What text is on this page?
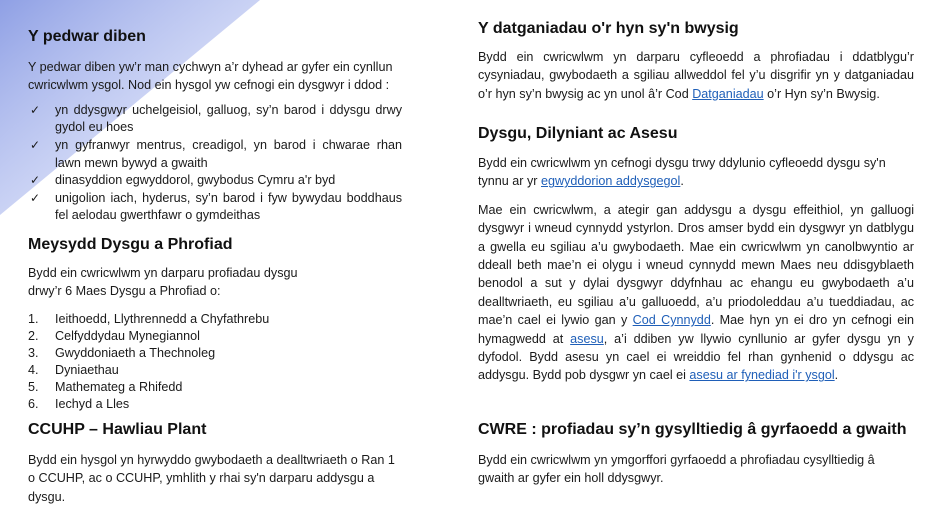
Y pedwar diben

Y pedwar diben yw’r man cychwyn a’r dyhead ar gyfer ein cynllun cwricwlwm ysgol. Nod ein hysgol yw cefnogi ein dysgwyr i ddod :

✓ yn ddysgwyr uchelgeisiol, galluog, sy’n barod i ddysgu drwy gydol eu hoes
✓ yn gyfranwyr mentrus, creadigol, yn barod i chwarae rhan lawn mewn bywyd a gwaith
✓ dinasyddion egwyddorol, gwybodus Cymru a'r byd
✓ unigolion iach, hyderus, sy’n barod i fyw bywydau boddhaus fel aelodau gwerthfawr o gymdeithas
Meysydd Dysgu a Phrofiad

Bydd ein cwricwlwm yn darparu profiadau dysgu drwy’r 6 Maes Dysgu a Phrofiad o:

1. Ieithoedd, Llythrennedd a Chyfathrebu
2. Celfyddydau Mynegiannol
3. Gwyddoniaeth a Thechnoleg
4. Dyniaethau
5. Mathemateg a Rhifedd
6. Iechyd a Lles
CCUHP – Hawliau Plant

Bydd ein hysgol yn hyrwyddo gwybodaeth a dealltwriaeth o Ran 1 o CCUHP, ac o CCUHP, ymhlith y rhai sy'n darparu addysgu a dysgu.

Y datganiadau o'r hyn sy'n bwysig

Bydd ein cwricwlwm yn darparu cyfleoedd a phrofiadau i ddatblygu’r cysyniadau, gwybodaeth a sgiliau allweddol fel y’u disgrifir yn y datganiadau o’r hyn sy’n bwysig ac yn unol â’r Cod Datganiadau o’r Hyn sy’n Bwysig.

Dysgu, Dilyniant ac Asesu

Bydd ein cwricwlwm yn cefnogi dysgu trwy ddylunio cyfleoedd dysgu sy'n tynnu ar yr egwyddorion addysgegol.

Mae ein cwricwlwm, a ategir gan addysgu a dysgu effeithiol, yn galluogi dysgwyr i wneud cynnydd ystyrlon. Dros amser bydd ein dysgwyr yn datblygu a gwella eu sgiliau a’u gwybodaeth. Mae ein cwricwlwm yn canolbwyntio ar ddeall beth mae’n ei olygu i wneud cynnydd mewn Maes neu ddisgyblaeth benodol a sut y dylai dysgwyr ddyfnhau ac ehangu eu gwybodaeth a’u dealltwriaeth, eu sgiliau a’u galluoedd, a’u priodoleddau a’u tueddiadau, ac mae’n cael ei lywio gan y Cod Cynnydd. Mae hyn yn ei dro yn cefnogi ein hymagwedd at asesu, a’i ddiben yw llywio cynllunio ar gyfer dysgu yn y dyfodol. Bydd asesu yn cael ei wreiddio fel rhan gynhenid o ddysgu ac addysgu. Bydd pob dysgwr yn cael ei asesu ar fynediad i'r ysgol.

CWRE : profiadau sy’n gysylltiedig â gyrfaoedd a gwaith

Bydd ein cwricwlwm yn ymgorffori gyrfaoedd a phrofiadau cysylltiedig â gwaith ar gyfer ein holl ddysgwyr.
